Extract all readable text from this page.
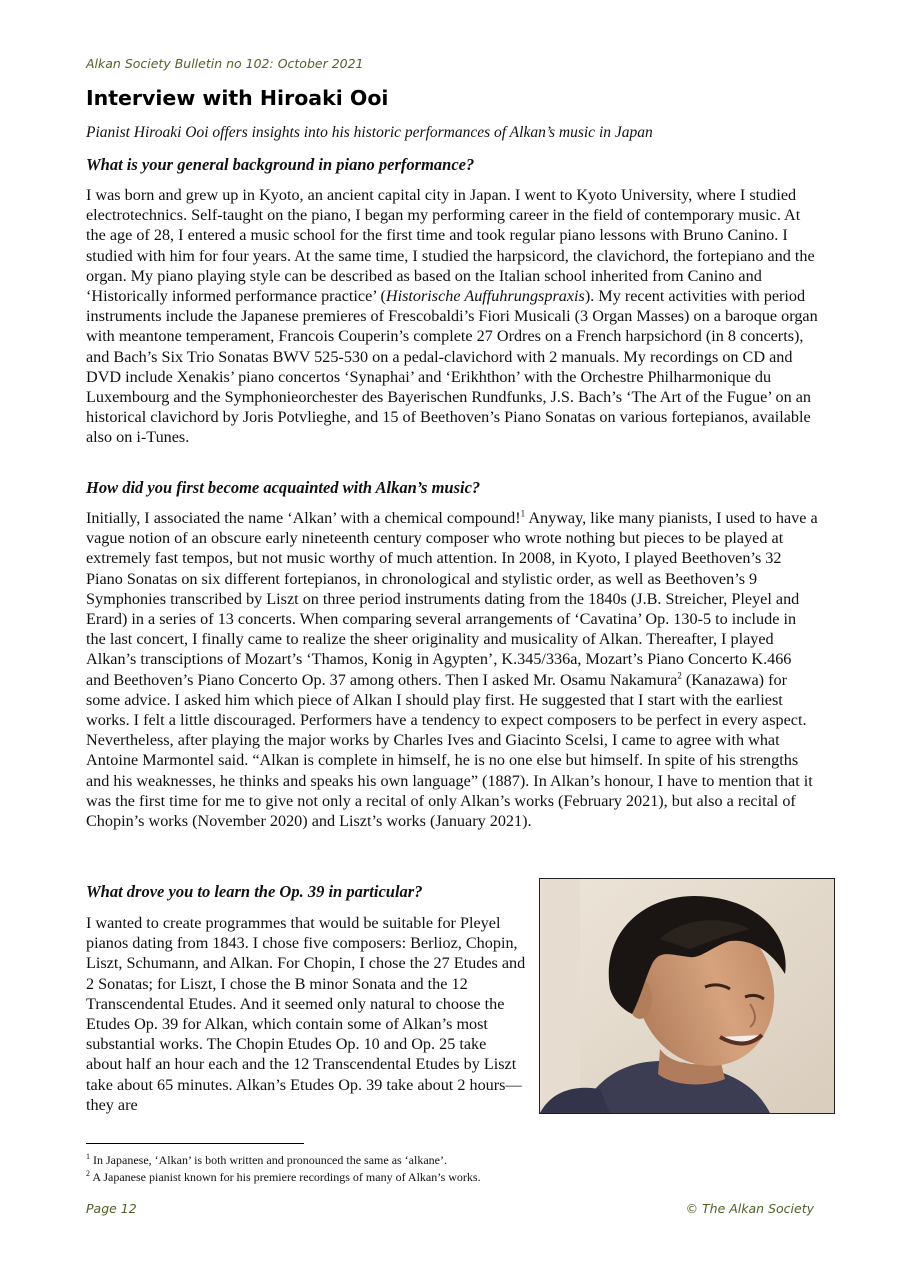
Alkan Society Bulletin no 102: October 2021

Interview with Hiroaki Ooi

Pianist Hiroaki Ooi offers insights into his historic performances of Alkan’s music in Japan

What is your general background in piano performance?

I was born and grew up in Kyoto, an ancient capital city in Japan. I went to Kyoto University, where I studied electrotechnics. Self-taught on the piano, I began my performing career in the field of contemporary music. At the age of 28, I entered a music school for the first time and took regular piano lessons with Bruno Canino. I studied with him for four years. At the same time, I studied the harpsicord, the clavichord, the fortepiano and the organ. My piano playing style can be described as based on the Italian school inherited from Canino and ‘Historically informed performance practice’ (Historische Auffuhrungspraxis). My recent activities with period instruments include the Japanese premieres of Frescobaldi’s Fiori Musicali (3 Organ Masses) on a baroque organ with meantone temperament, Francois Couperin’s complete 27 Ordres on a French harpsichord (in 8 concerts), and Bach’s Six Trio Sonatas BWV 525-530 on a pedal-clavichord with 2 manuals. My recordings on CD and DVD include Xenakis’ piano concertos ‘Synaphai’ and ‘Erikhthon’ with the Orchestre Philharmonique du Luxembourg and the Symphonieorchester des Bayerischen Rundfunks, J.S. Bach’s ‘The Art of the Fugue’ on an historical clavichord by Joris Potvlieghe, and 15 of Beethoven’s Piano Sonatas on various fortepianos, available also on i-Tunes.

How did you first become acquainted with Alkan’s music?

Initially, I associated the name ‘Alkan’ with a chemical compound!$^1$ Anyway, like many pianists, I used to have a vague notion of an obscure early nineteenth century composer who wrote nothing but pieces to be played at extremely fast tempos, but not music worthy of much attention. In 2008, in Kyoto, I played Beethoven’s 32 Piano Sonatas on six different fortepianos, in chronological and stylistic order, as well as Beethoven’s 9 Symphonies transcribed by Liszt on three period instruments dating from the 1840s (J.B. Streicher, Pleyel and Erard) in a series of 13 concerts. When comparing several arrangements of ‘Cavatina’ Op. 130-5 to include in the last concert, I finally came to realize the sheer originality and musicality of Alkan. Thereafter, I played Alkan’s transciptions of Mozart’s ‘Thamos, Konig in Agypten’, K.345/336a, Mozart’s Piano Concerto K.466 and Beethoven’s Piano Concerto Op. 37 among others. Then I asked Mr. Osamu Nakamura$^2$ (Kanazawa) for some advice. I asked him which piece of Alkan I should play first. He suggested that I start with the earliest works. I felt a little discouraged. Performers have a tendency to expect composers to be perfect in every aspect. Nevertheless, after playing the major works by Charles Ives and Giacinto Scelsi, I came to agree with what Antoine Marmontel said. “Alkan is complete in himself, he is no one else but himself. In spite of his strengths and his weaknesses, he thinks and speaks his own language” (1887). In Alkan’s honour, I have to mention that it was the first time for me to give not only a recital of only Alkan’s works (February 2021), but also a recital of Chopin’s works (November 2020) and Liszt’s works (January 2021).

What drove you to learn the Op. 39 in particular?

I wanted to create programmes that would be suitable for Pleyel pianos dating from 1843. I chose five composers: Berlioz, Chopin, Liszt, Schumann, and Alkan. For Chopin, I chose the 27 Etudes and 2 Sonatas; for Liszt, I chose the B minor Sonata and the 12 Transcendental Etudes. And it seemed only natural to choose the Etudes Op. 39 for Alkan, which contain some of Alkan’s most substantial works. The Chopin Etudes Op. 10 and Op. 25 take about half an hour each and the 12 Transcendental Etudes by Liszt take about 65 minutes. Alkan’s Etudes Op. 39 take about 2 hours—they are

$^1$ In Japanese, ‘Alkan’ is both written and pronounced the same as ‘alkane’.

$^2$ A Japanese pianist known for his premiere recordings of many of Alkan’s works.

Page 12	© The Alkan Society
